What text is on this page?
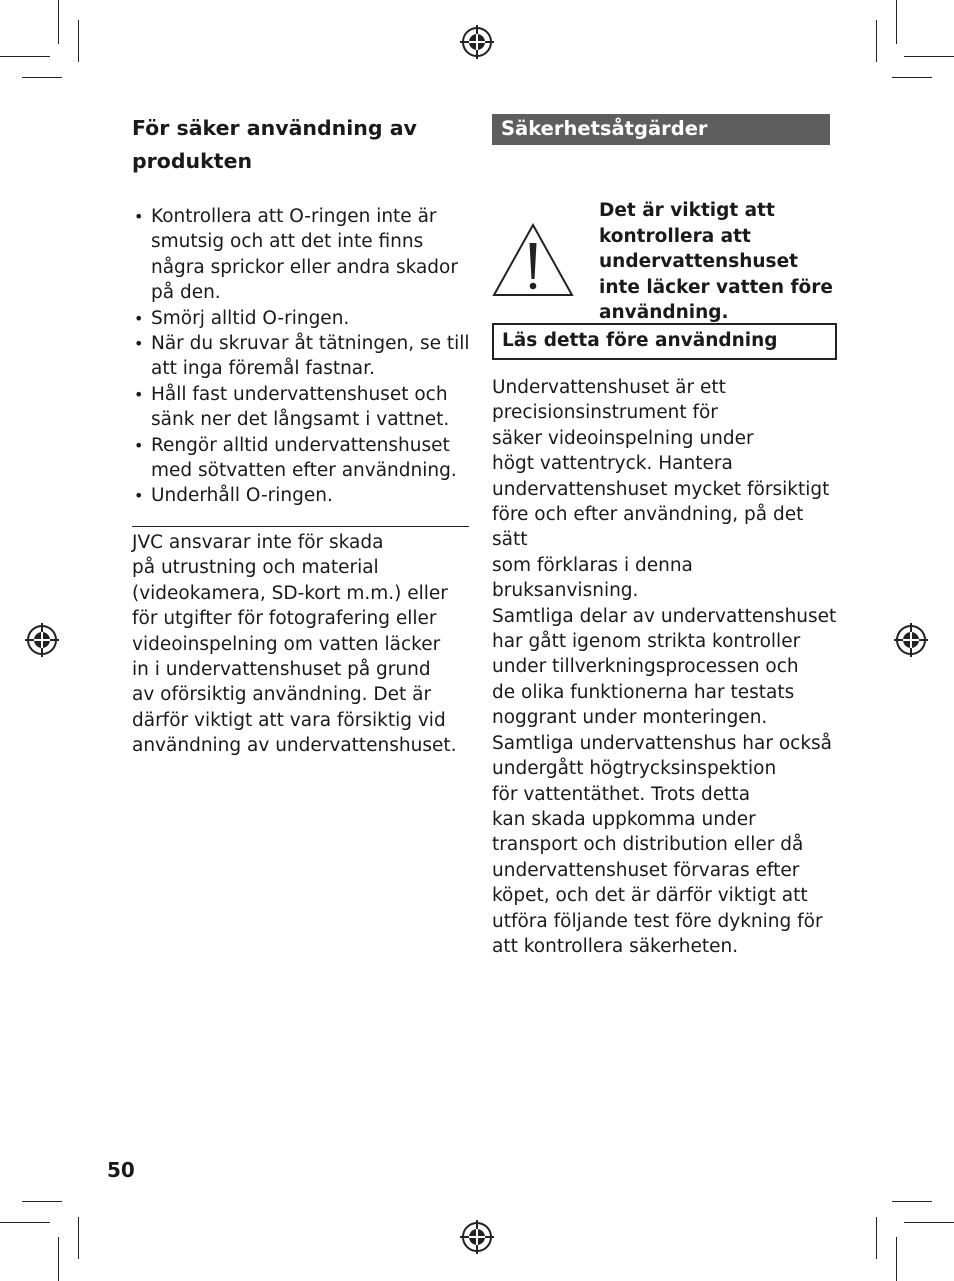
För säker användning av
produkten
• Kontrollera att O-ringen inte är smutsig och att det inte finns några sprickor eller andra skador på den.
• Smörj alltid O-ringen.
• När du skruvar åt tätningen, se till att inga föremål fastnar.
• Håll fast undervattenshuset och sänk ner det långsamt i vattnet.
• Rengör alltid undervattenshuset med sötvatten efter användning.
• Underhåll O-ringen.
JVC ansvarar inte för skada
på utrustning och material
(videokamera, SD-kort m.m.) eller
för utgifter för fotografering eller
videoinspelning om vatten läcker
in i undervattenshuset på grund
av oförsiktig användning. Det är
därför viktigt att vara försiktig vid
användning av undervattenshuset.
Säkerhetsåtgärder
Det är viktigt att
kontrollera att
undervattenshuset
inte läcker vatten före
användning.
Läs detta före användning
Undervattenshuset är ett
precisionsinstrument för
säker videoinspelning under
högt vattentryck. Hantera
undervattenshuset mycket försiktigt
före och efter användning, på det sätt
som förklaras i denna bruksanvisning.
Samtliga delar av undervattenshuset
har gått igenom strikta kontroller
under tillverkningsprocessen och
de olika funktionerna har testats
noggrant under monteringen.
Samtliga undervattenshus har också
undergått högtrycksinspektion
för vattentäthet. Trots detta
kan skada uppkomma under
transport och distribution eller då
undervattenshuset förvaras efter
köpet, och det är därför viktigt att
utföra följande test före dykning för
att kontrollera säkerheten.
50
